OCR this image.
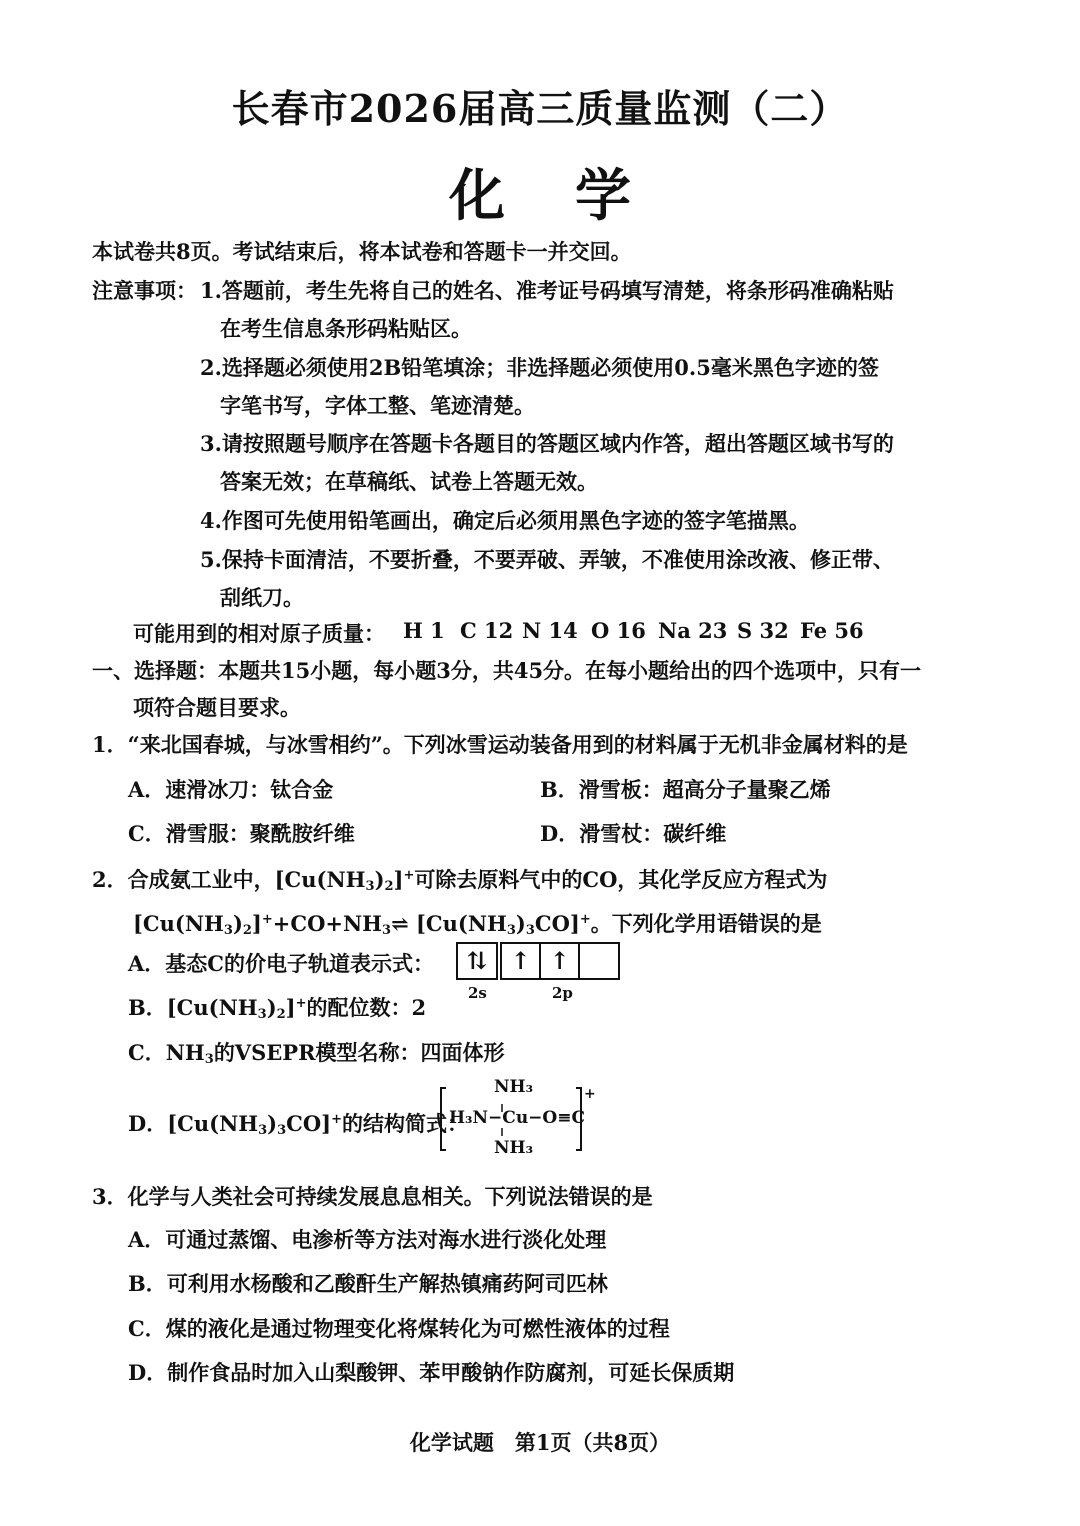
长春市2026届高三质量监测（二）
化 学
本试卷共8页。考试结束后，将本试卷和答题卡一并交回。
注意事项： 1.答题前，考生先将自己的姓名、准考证号码填写清楚，将条形码准确粘贴
在考生信息条形码粘贴区。
2.选择题必须使用2B铅笔填涂；非选择题必须使用0.5毫米黑色字迹的签
字笔书写，字体工整、笔迹清楚。
3.请按照题号顺序在答题卡各题目的答题区域内作答，超出答题区域书写的
答案无效；在草稿纸、试卷上答题无效。
4.作图可先使用铅笔画出，确定后必须用黑色字迹的签字笔描黑。
5.保持卡面清洁，不要折叠，不要弄破、弄皱，不准使用涂改液、修正带、
刮纸刀。
可能用到的相对原子质量： H 1 C 12 N 14 O 16 Na 23 S 32 Fe 56
一、选择题：本题共15小题，每小题3分，共45分。在每小题给出的四个选项中，只有一
项符合题目要求。
1．“来北国春城，与冰雪相约”。下列冰雪运动装备用到的材料属于无机非金属材料的是
A．速滑冰刀：钛合金	B．滑雪板：超高分子量聚乙烯
C．滑雪服：聚酰胺纤维	D．滑雪杖：碳纤维
2．合成氨工业中，$[Cu(NH_3)_2]^+$可除去原料气中的CO，其化学反应方程式为
$[Cu(NH_3)_2]^++CO+NH_3\rightleftharpoons$ $[Cu(NH_3)_3CO]^+$。下列化学用语错误的是
A．基态C的价电子轨道表示式：	⇅ ↑ ↑
2s	2p
B．$[Cu(NH_3)_2]^+$的配位数：2
C．$NH_3$的VSEPR模型名称：四面体形
D．$[Cu(NH_3)_3CO]^+$的结构简式：
NH₃
H₃N−Cu−O≡C
NH₃
+
3．化学与人类社会可持续发展息息相关。下列说法错误的是
A．可通过蒸馏、电渗析等方法对海水进行淡化处理
B．可利用水杨酸和乙酸酐生产解热镇痛药阿司匹林
C．煤的液化是通过物理变化将煤转化为可燃性液体的过程
D．制作食品时加入山梨酸钾、苯甲酸钠作防腐剂，可延长保质期
化学试题　第1页（共8页）
